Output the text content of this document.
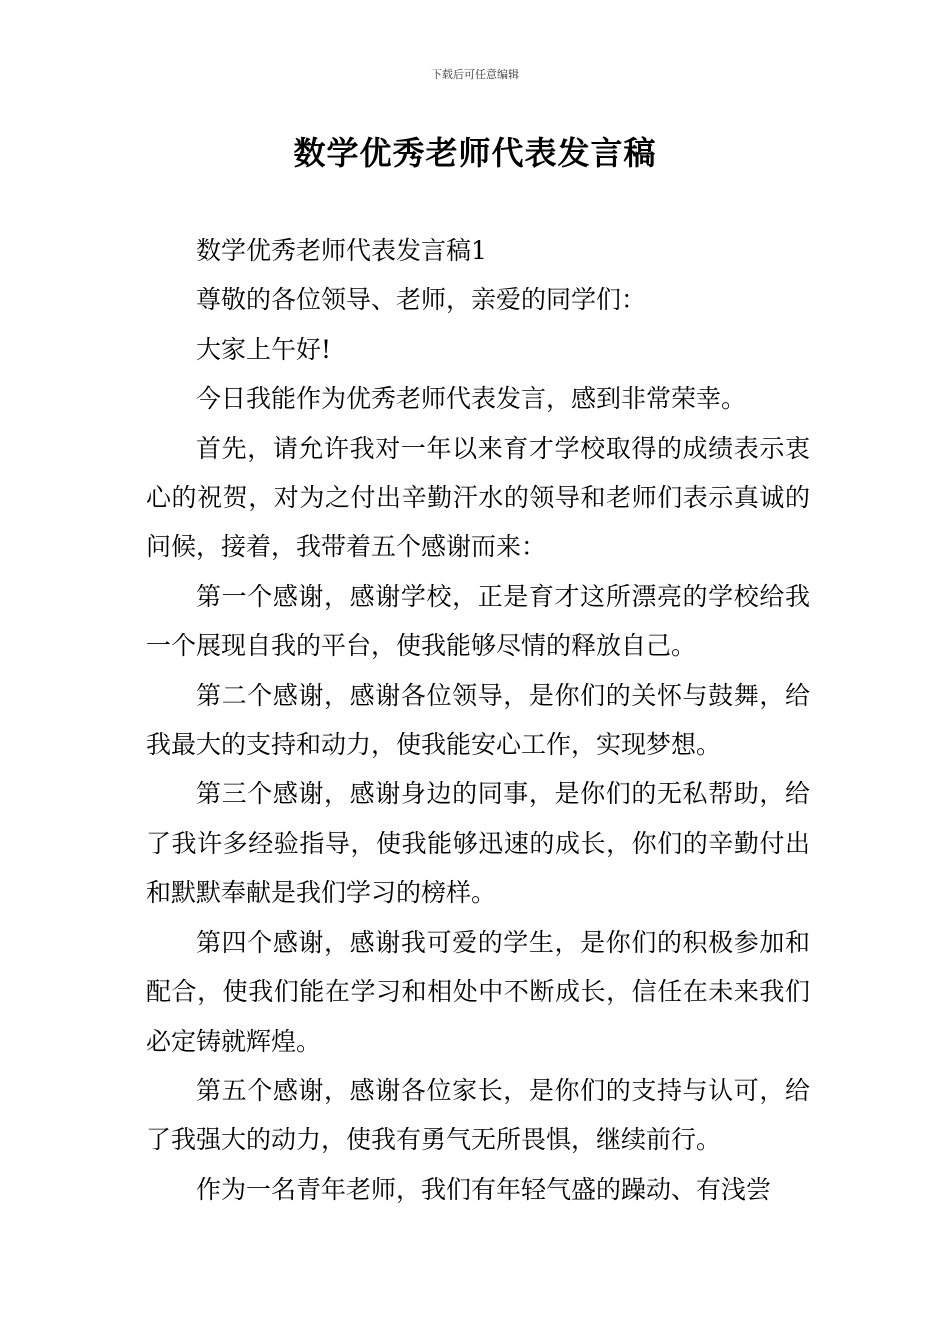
下载后可任意编辑
数学优秀老师代表发言稿

数学优秀老师代表发言稿1

尊敬的各位领导、老师，亲爱的同学们：

大家上午好!

今日我能作为优秀老师代表发言，感到非常荣幸。

首先，请允许我对一年以来育才学校取得的成绩表示衷心的祝贺，对为之付出辛勤汗水的领导和老师们表示真诚的问候，接着，我带着五个感谢而来：

第一个感谢，感谢学校，正是育才这所漂亮的学校给我一个展现自我的平台，使我能够尽情的释放自己。

第二个感谢，感谢各位领导，是你们的关怀与鼓舞，给我最大的支持和动力，使我能安心工作，实现梦想。

第三个感谢，感谢身边的同事，是你们的无私帮助，给了我许多经验指导，使我能够迅速的成长，你们的辛勤付出和默默奉献是我们学习的榜样。

第四个感谢，感谢我可爱的学生，是你们的积极参加和配合，使我们能在学习和相处中不断成长，信任在未来我们必定铸就辉煌。

第五个感谢，感谢各位家长，是你们的支持与认可，给了我强大的动力，使我有勇气无所畏惧，继续前行。

作为一名青年老师，我们有年轻气盛的躁动、有浅尝
